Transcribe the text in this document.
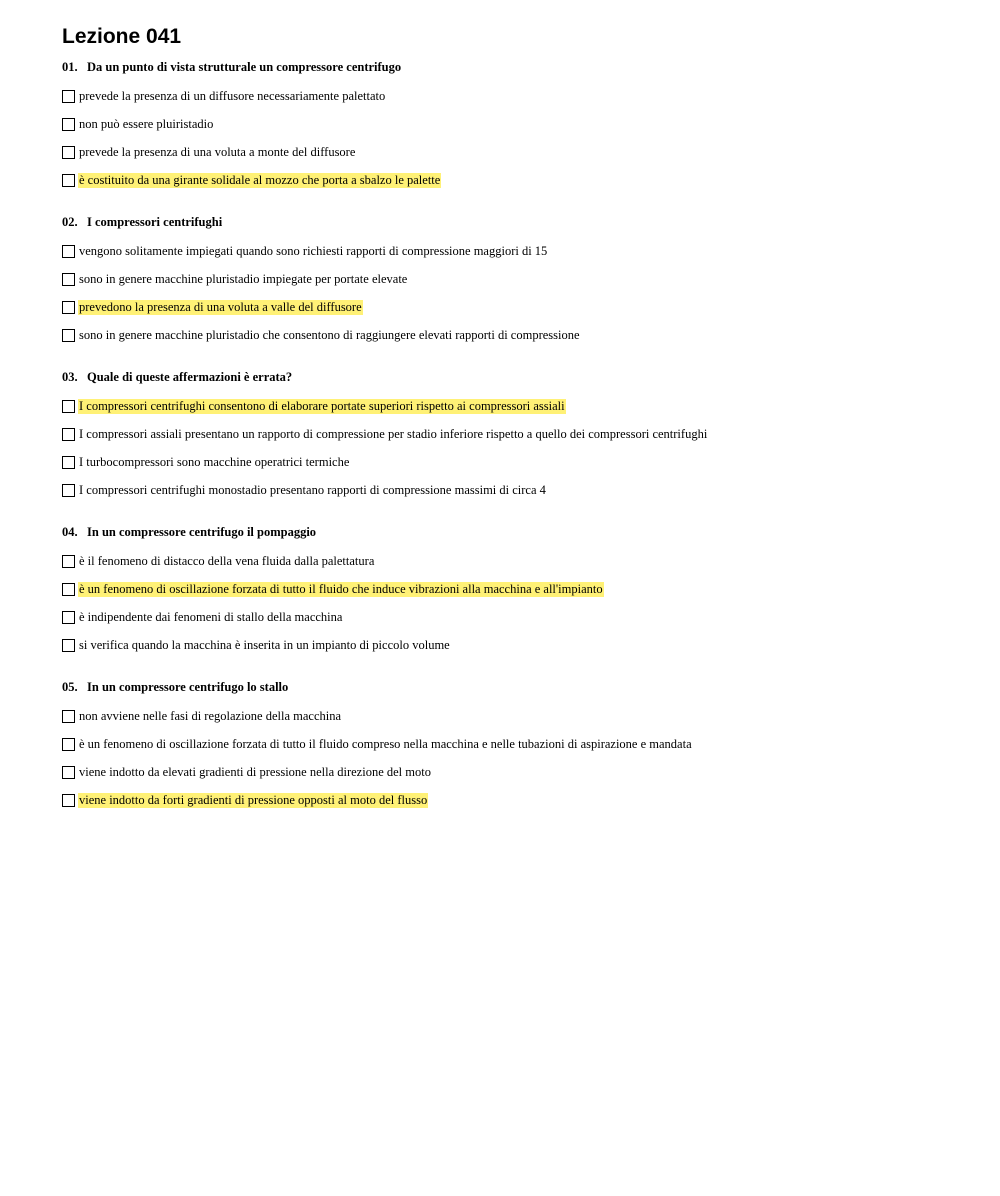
Lezione 041
01. Da un punto di vista strutturale un compressore centrifugo
prevede la presenza di un diffusore necessariamente palettato
non può essere pluiristadio
prevede la presenza di una voluta a monte del diffusore
è costituito da una girante solidale al mozzo che porta a sbalzo le palette
02. I compressori centrifughi
vengono solitamente impiegati quando sono richiesti rapporti di compressione maggiori di 15
sono in genere macchine pluristadio impiegate per portate elevate
prevedono la presenza di una voluta a valle del diffusore
sono in genere macchine pluristadio che consentono di raggiungere elevati rapporti di compressione
03. Quale di queste affermazioni è errata?
I compressori centrifughi consentono di elaborare portate superiori rispetto ai compressori assiali
I compressori assiali presentano un rapporto di compressione per stadio inferiore rispetto a quello dei compressori centrifughi
I turbocompressori sono macchine operatrici termiche
I compressori centrifughi monostadio presentano rapporti di compressione massimi di circa 4
04. In un compressore centrifugo il pompaggio
è il fenomeno di distacco della vena fluida dalla palettatura
è un fenomeno di oscillazione forzata di tutto il fluido che induce vibrazioni alla macchina e all'impianto
è indipendente dai fenomeni di stallo della macchina
si verifica quando la macchina è inserita in un impianto di piccolo volume
05. In un compressore centrifugo lo stallo
non avviene nelle fasi di regolazione della macchina
è un fenomeno di oscillazione forzata di tutto il fluido compreso nella macchina e nelle tubazioni di aspirazione e mandata
viene indotto da elevati gradienti di pressione nella direzione del moto
viene indotto da forti gradienti di pressione opposti al moto del flusso
